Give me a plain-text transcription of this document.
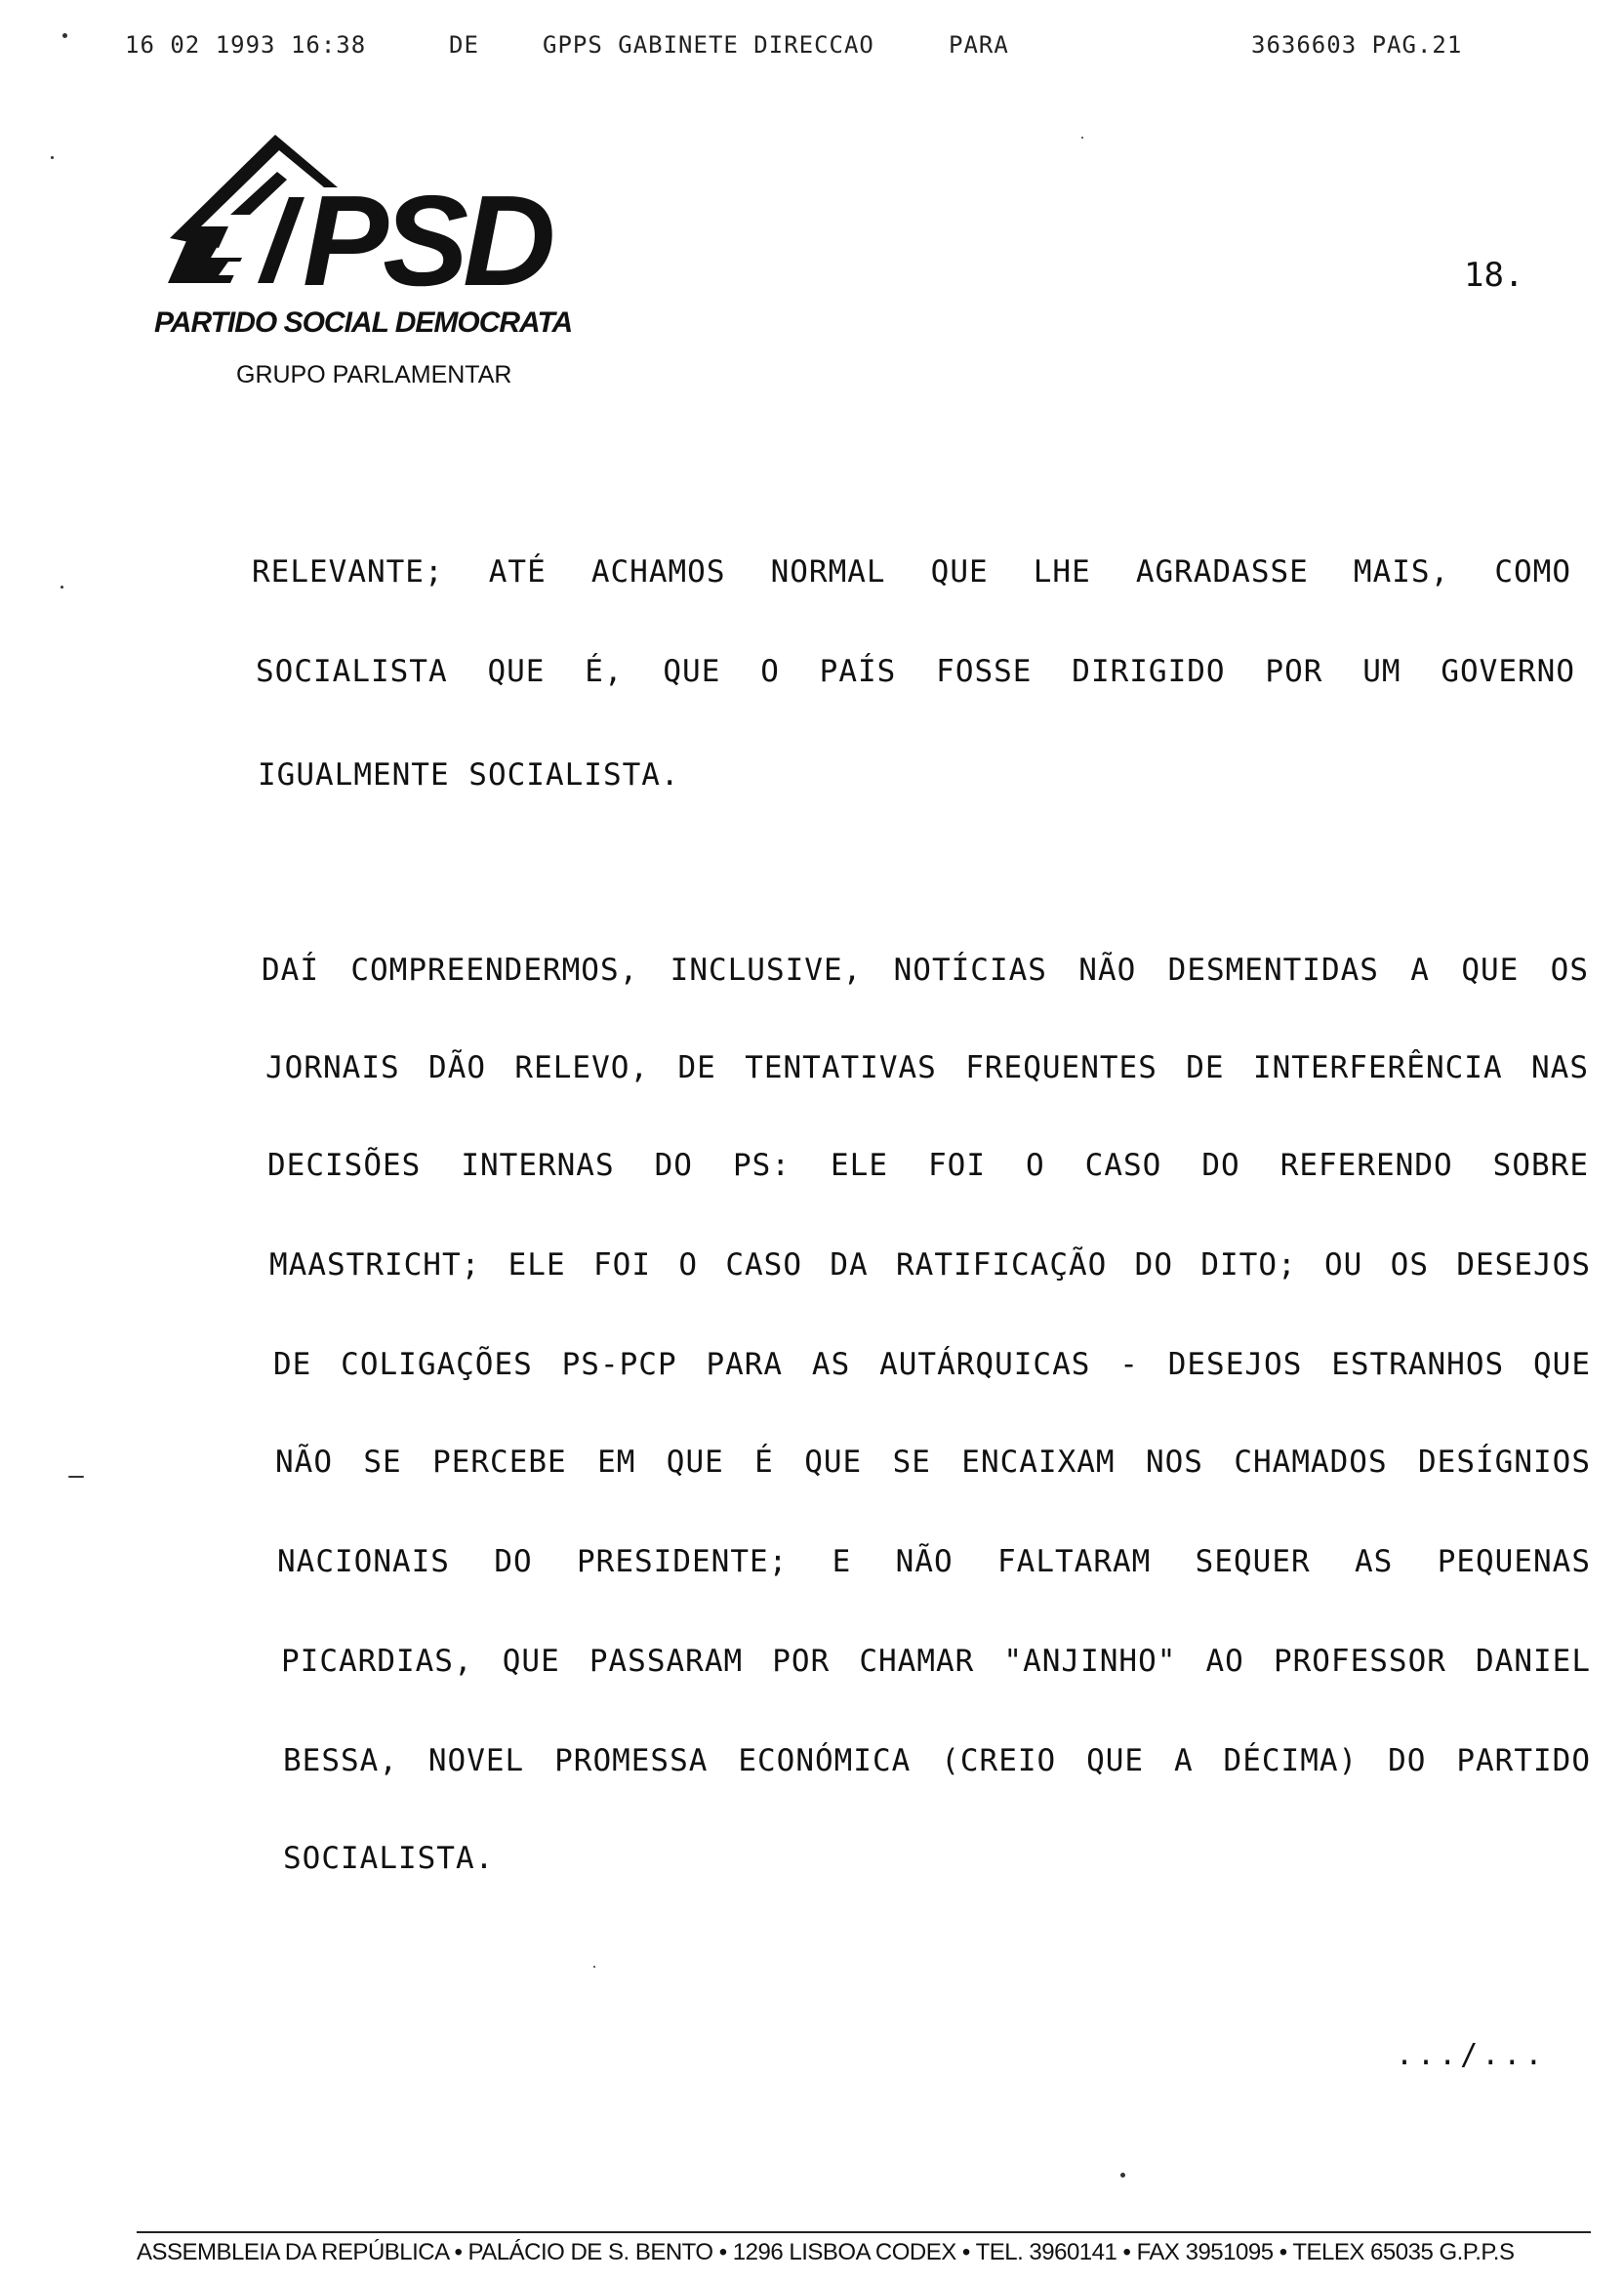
16 02 1993 16:38	DE	GPPS GABINETE DIRECCAO	PARA	3636603 PAG.21
PSD
PARTIDO SOCIAL DEMOCRATA
GRUPO PARLAMENTAR
18.
RELEVANTE;  ATÉ  ACHAMOS  NORMAL  QUE  LHE  AGRADASSE  MAIS,  COMO
SOCIALISTA  QUE  É,  QUE  O  PAÍS  FOSSE  DIRIGIDO  POR  UM  GOVERNO
IGUALMENTE SOCIALISTA.
DAÍ COMPREENDERMOS, INCLUSIVE, NOTÍCIAS NÃO DESMENTIDAS A QUE OS
JORNAIS DÃO RELEVO, DE TENTATIVAS FREQUENTES DE INTERFERÊNCIA NAS
DECISÕES  INTERNAS  DO  PS:  ELE  FOI  O  CASO  DO  REFERENDO  SOBRE
MAASTRICHT; ELE FOI O CASO DA RATIFICAÇÃO DO DITO; OU OS DESEJOS
DE COLIGAÇÕES PS-PCP PARA AS AUTÁRQUICAS - DESEJOS ESTRANHOS QUE
NÃO SE PERCEBE EM QUE É QUE SE ENCAIXAM NOS CHAMADOS DESÍGNIOS
NACIONAIS  DO  PRESIDENTE;  E  NÃO  FALTARAM  SEQUER  AS  PEQUENAS
PICARDIAS, QUE PASSARAM POR CHAMAR "ANJINHO" AO PROFESSOR DANIEL
BESSA, NOVEL PROMESSA ECONÓMICA (CREIO QUE A DÉCIMA) DO PARTIDO
SOCIALISTA.
.../...
ASSEMBLEIA DA REPÚBLICA • PALÁCIO DE S. BENTO • 1296 LISBOA CODEX • TEL. 3960141 • FAX 3951095 • TELEX 65035 G.P.P.S
